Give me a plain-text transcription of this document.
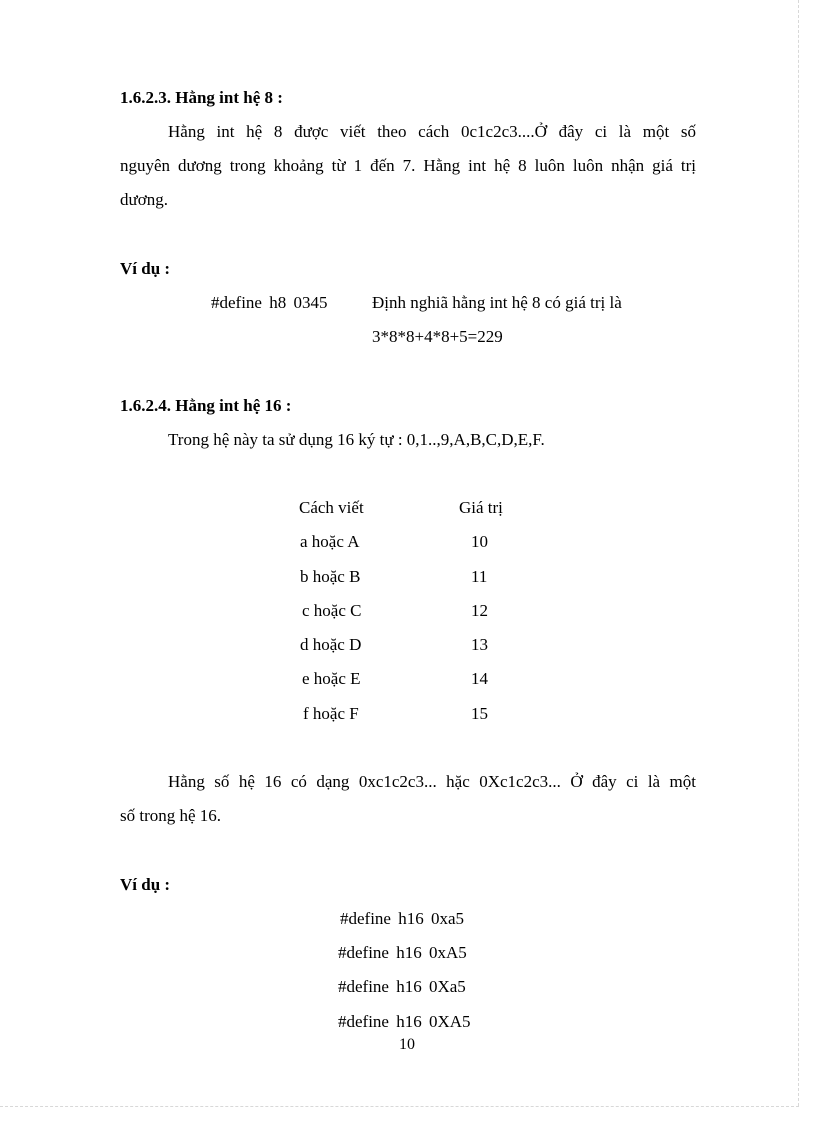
1.6.2.3. Hằng int hệ 8 :
Hằng int hệ 8 được viết theo cách 0c1c2c3....Ở đây ci là một số
nguyên dương trong khoảng từ 1 đến 7. Hằng int hệ 8 luôn luôn nhận giá trị
dương.
Ví dụ :
#define h8 0345	Định nghiã hằng int hệ 8 có giá trị là
3*8*8+4*8+5=229
1.6.2.4. Hằng int hệ 16 :
Trong hệ này ta sử dụng 16 ký tự : 0,1..,9,A,B,C,D,E,F.
Cách viết	Giá trị
a hoặc A	10
b hoặc B	11
c hoặc C	12
d hoặc D	13
e hoặc E	14
f hoặc F	15
Hằng số hệ 16 có dạng 0xc1c2c3... hặc 0Xc1c2c3... Ở đây ci là một
số trong hệ 16.
Ví dụ :
#define h16 0xa5
#define h16 0xA5
#define h16 0Xa5
#define h16 0XA5
10
